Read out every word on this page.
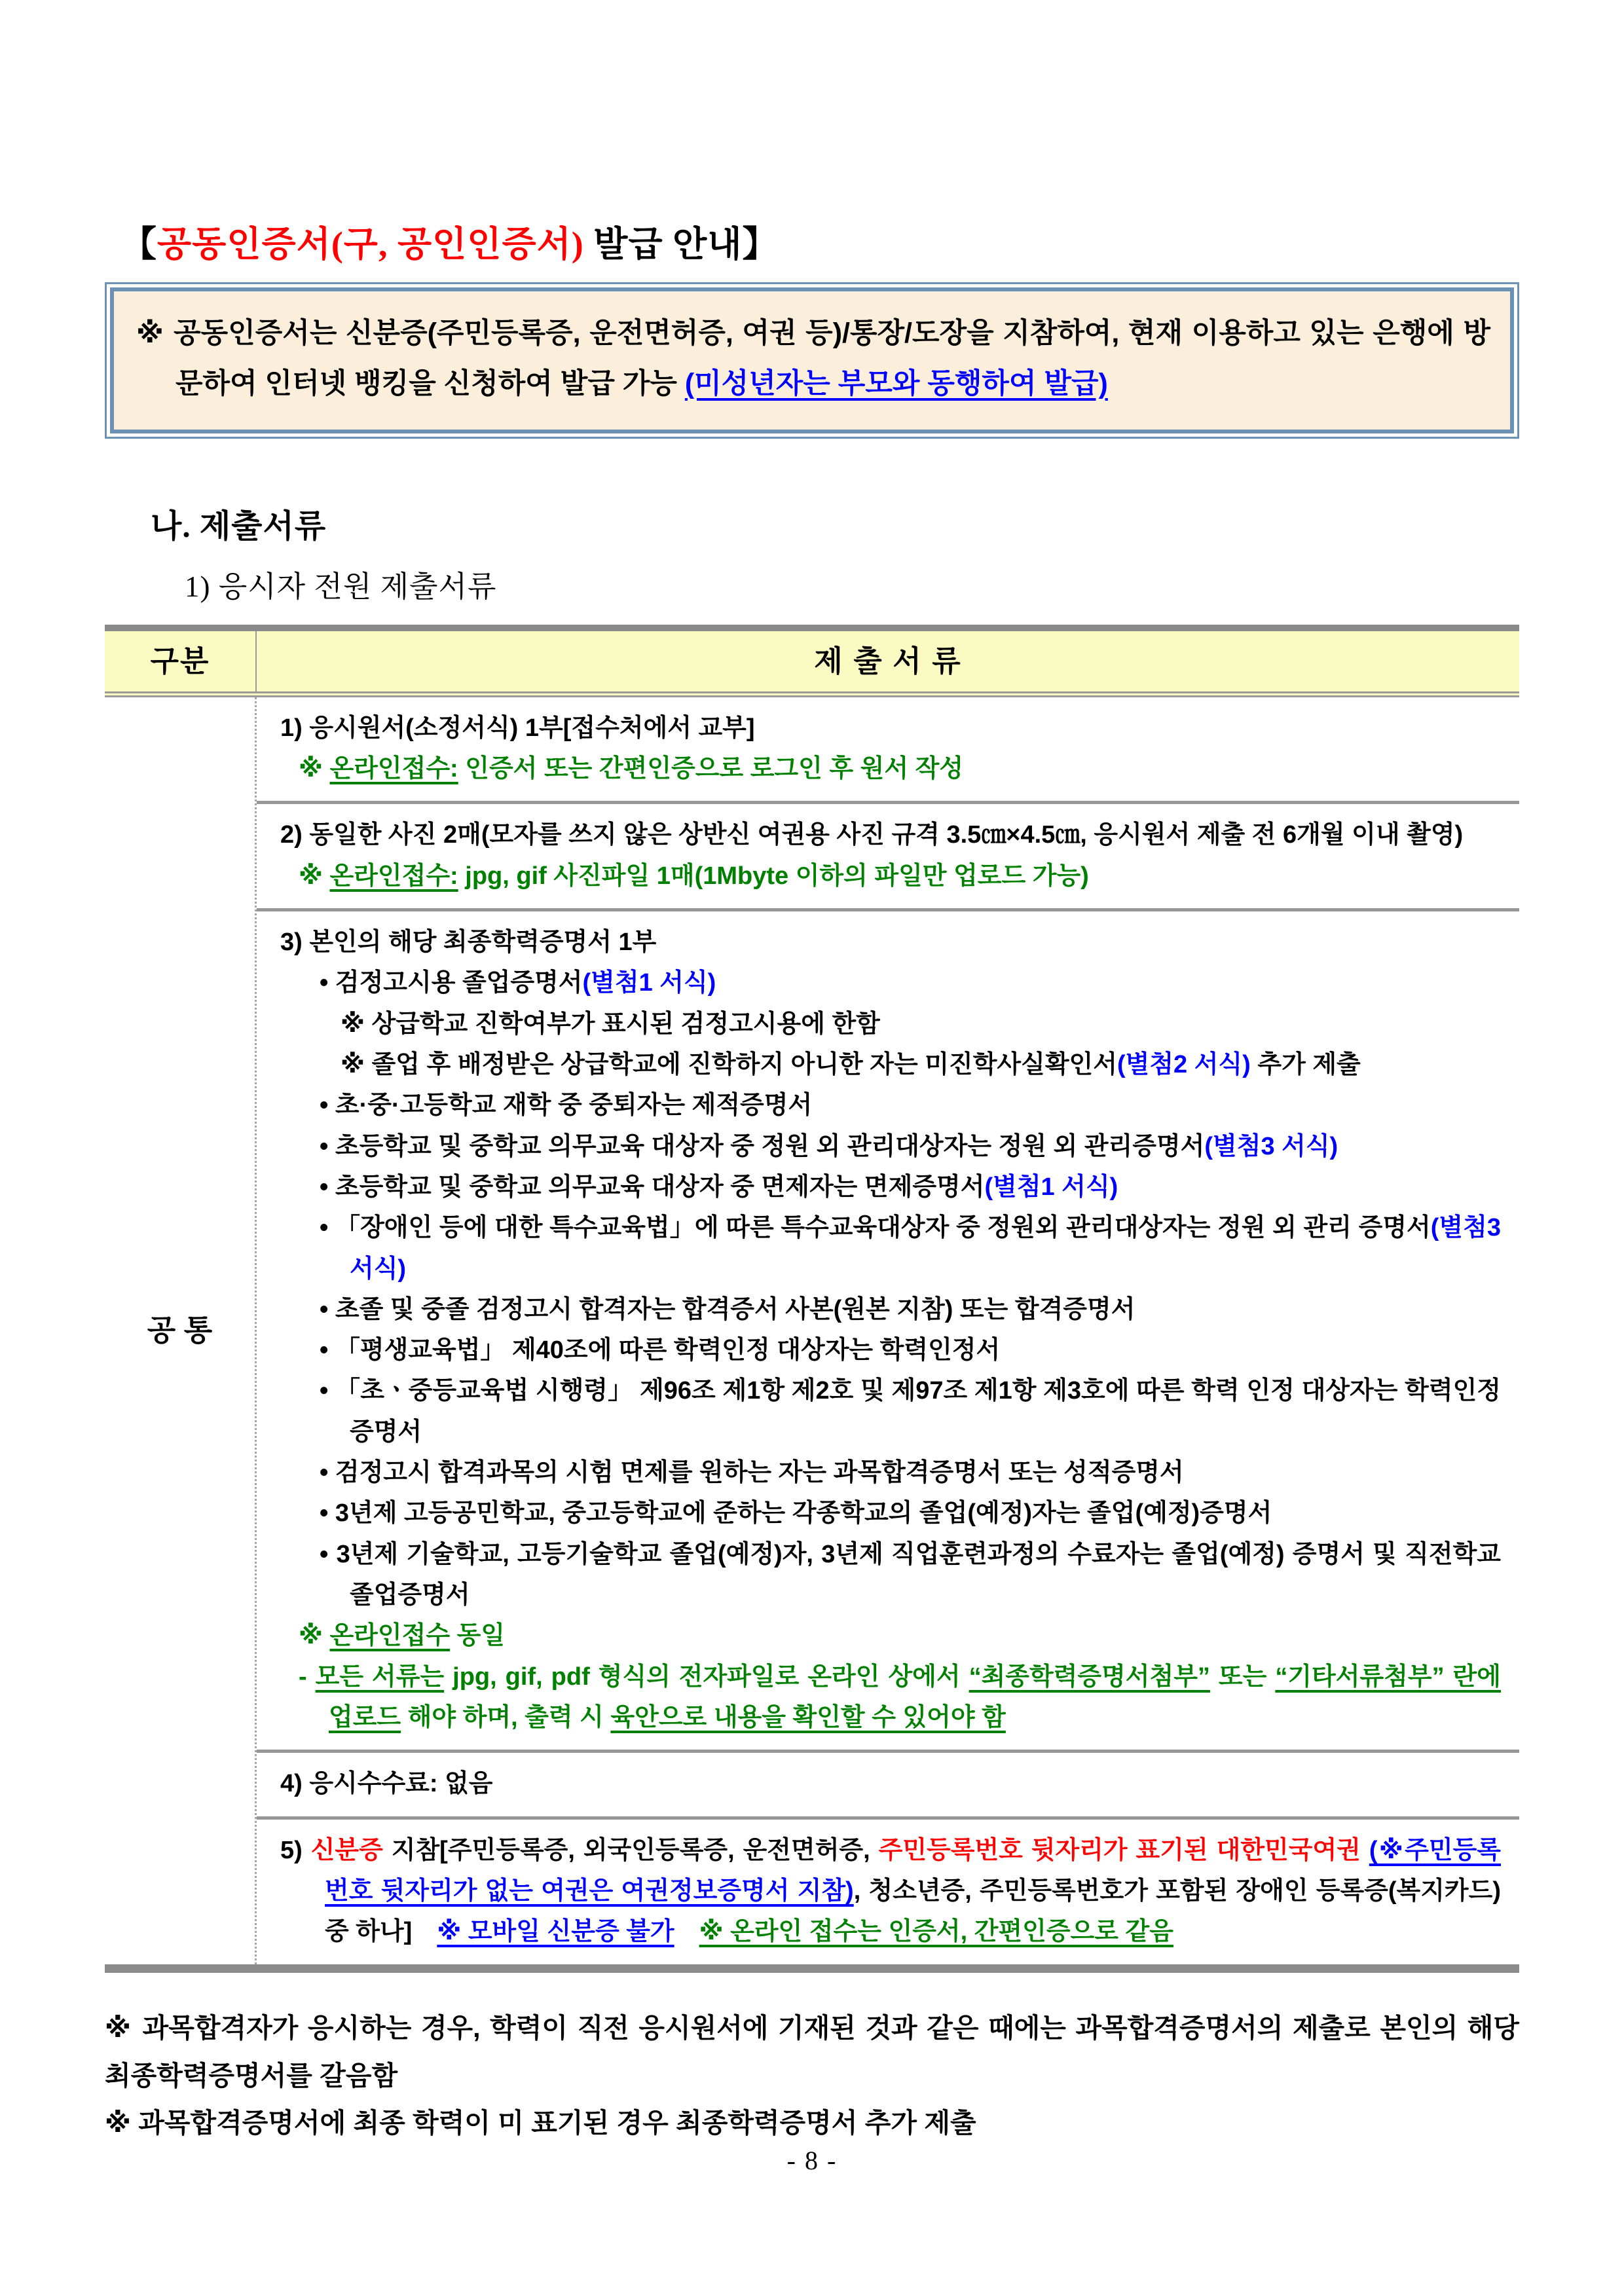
【공동인증서(구, 공인인증서) 발급 안내】
※ 공동인증서는 신분증(주민등록증, 운전면허증, 여권 등)/통장/도장을 지참하여, 현재 이용하고 있는 은행에 방문하여 인터넷 뱅킹을 신청하여 발급 가능 (미성년자는 부모와 동행하여 발급)
나. 제출서류
1) 응시자 전원 제출서류
구분	제 출 서 류
공 통
1) 응시원서(소정서식) 1부[접수처에서 교부]
※ 온라인접수: 인증서 또는 간편인증으로 로그인 후 원서 작성
2) 동일한 사진 2매(모자를 쓰지 않은 상반신 여권용 사진 규격 3.5㎝×4.5㎝, 응시원서 제출 전 6개월 이내 촬영)
※ 온라인접수: jpg, gif 사진파일 1매(1Mbyte 이하의 파일만 업로드 가능)
3) 본인의 해당 최종학력증명서 1부
• 검정고시용 졸업증명서(별첨1 서식)
※ 상급학교 진학여부가 표시된 검정고시용에 한함
※ 졸업 후 배정받은 상급학교에 진학하지 아니한 자는 미진학사실확인서(별첨2 서식) 추가 제출
• 초·중·고등학교 재학 중 중퇴자는 제적증명서
• 초등학교 및 중학교 의무교육 대상자 중 정원 외 관리대상자는 정원 외 관리증명서(별첨3 서식)
• 초등학교 및 중학교 의무교육 대상자 중 면제자는 면제증명서(별첨1 서식)
• 「장애인 등에 대한 특수교육법」에 따른 특수교육대상자 중 정원외 관리대상자는 정원 외 관리 증명서(별첨3 서식)
• 초졸 및 중졸 검정고시 합격자는 합격증서 사본(원본 지참) 또는 합격증명서
• 「평생교육법」 제40조에 따른 학력인정 대상자는 학력인정서
• 「초ㆍ중등교육법 시행령」 제96조 제1항 제2호 및 제97조 제1항 제3호에 따른 학력 인정 대상자는 학력인정증명서
• 검정고시 합격과목의 시험 면제를 원하는 자는 과목합격증명서 또는 성적증명서
• 3년제 고등공민학교, 중고등학교에 준하는 각종학교의 졸업(예정)자는 졸업(예정)증명서
• 3년제 기술학교, 고등기술학교 졸업(예정)자, 3년제 직업훈련과정의 수료자는 졸업(예정) 증명서 및 직전학교 졸업증명서
※ 온라인접수 동일
- 모든 서류는 jpg, gif, pdf 형식의 전자파일로 온라인 상에서 “최종학력증명서첨부” 또는 “기타서류첨부” 란에 업로드 해야 하며, 출력 시 육안으로 내용을 확인할 수 있어야 함
4) 응시수수료: 없음
5) 신분증 지참[주민등록증, 외국인등록증, 운전면허증, 주민등록번호 뒷자리가 표기된 대한민국여권 (※주민등록번호 뒷자리가 없는 여권은 여권정보증명서 지참), 청소년증, 주민등록번호가 포함된 장애인 등록증(복지카드) 중 하나] ※ 모바일 신분증 불가  ※ 온라인 접수는 인증서, 간편인증으로 같음
※ 과목합격자가 응시하는 경우, 학력이 직전 응시원서에 기재된 것과 같은 때에는 과목합격증명서의 제출로 본인의 해당 최종학력증명서를 갈음함
※ 과목합격증명서에 최종 학력이 미 표기된 경우 최종학력증명서 추가 제출
- 8 -
